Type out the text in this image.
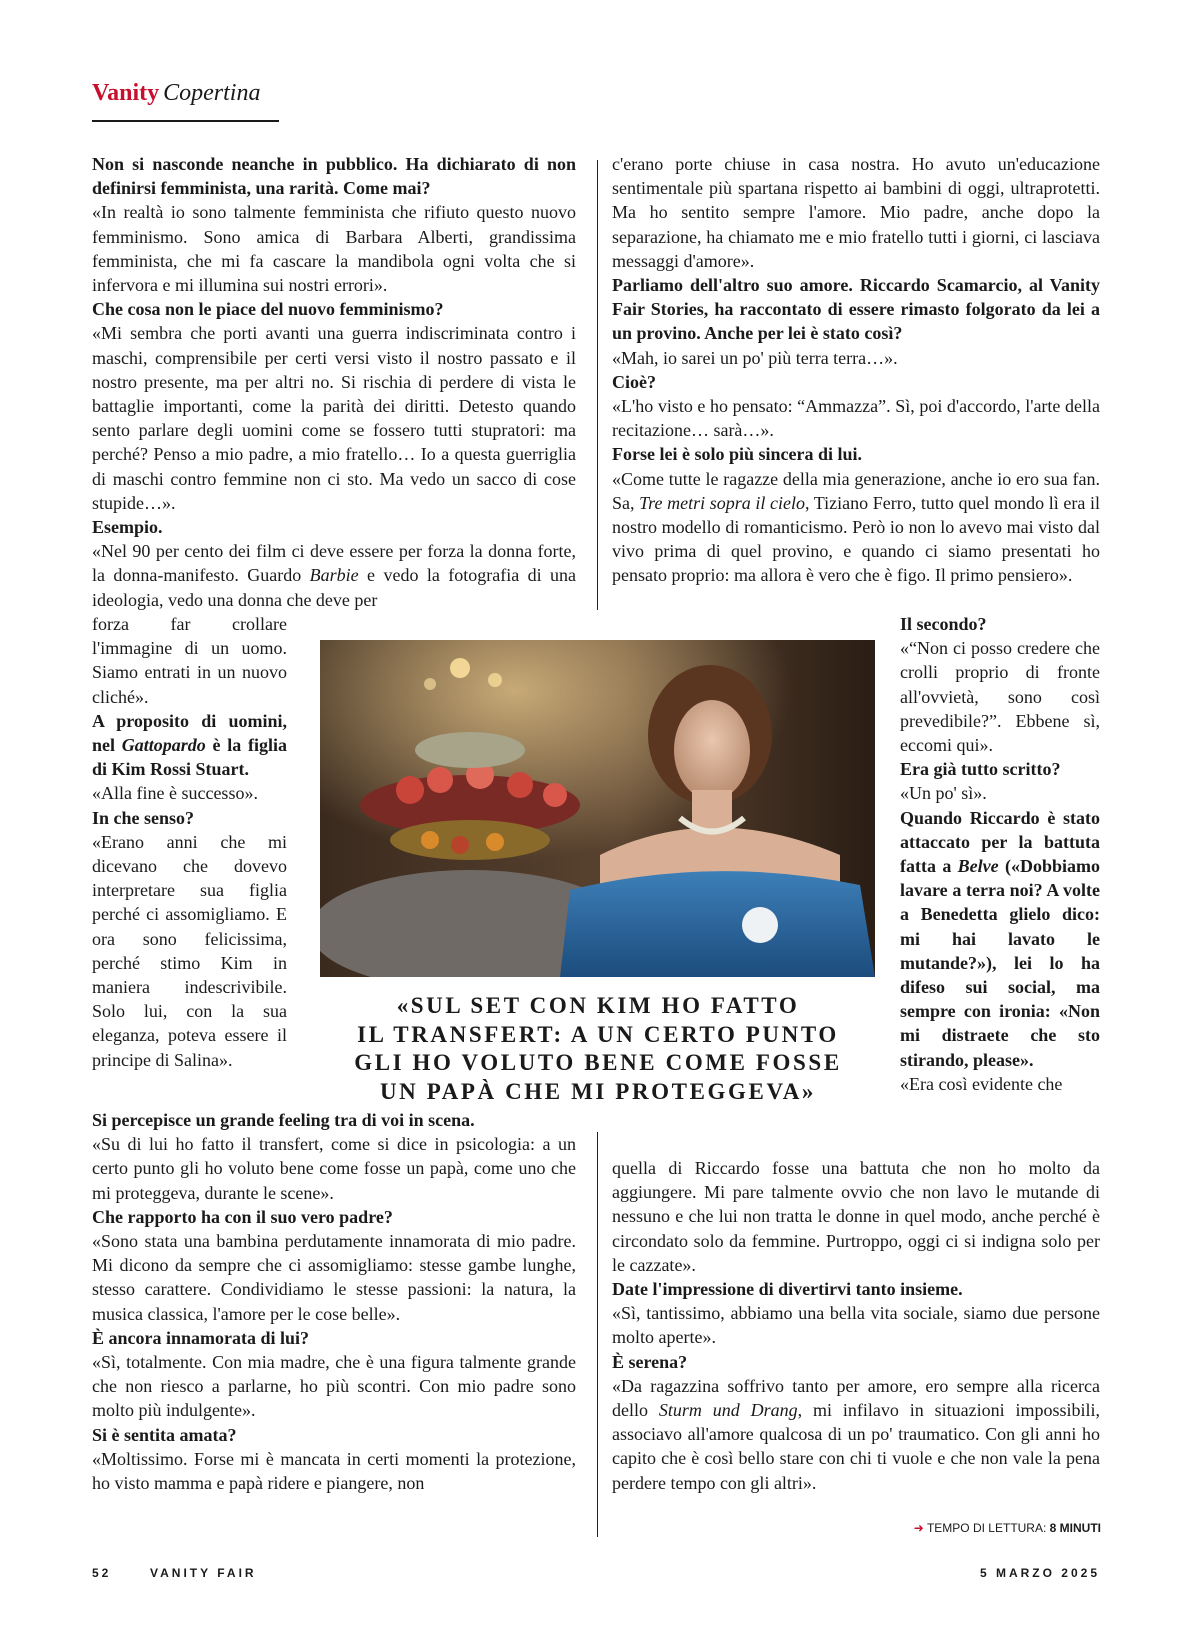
Vanity Copertina

Non si nasconde neanche in pubblico. Ha dichiarato di non definirsi femminista, una rarità. Come mai?

«In realtà io sono talmente femminista che rifiuto questo nuovo femminismo. Sono amica di Barbara Alberti, grandissima femminista, che mi fa cascare la mandibola ogni volta che si infervora e mi illumina sui nostri errori».

Che cosa non le piace del nuovo femminismo?

«Mi sembra che porti avanti una guerra indiscriminata contro i maschi, comprensibile per certi versi visto il nostro passato e il nostro presente, ma per altri no. Si rischia di perdere di vista le battaglie importanti, come la parità dei diritti. Detesto quando sento parlare degli uomini come se fossero tutti stupratori: ma perché? Penso a mio padre, a mio fratello… Io a questa guerriglia di maschi contro femmine non ci sto. Ma vedo un sacco di cose stupide…».

Esempio.

«Nel 90 per cento dei film ci deve essere per forza la donna forte, la donna-manifesto. Guardo Barbie e vedo la fotografia di una ideologia, vedo una donna che deve per

forza far crollare l'immagine di un uomo. Siamo entrati in un nuovo cliché».

A proposito di uomini, nel Gattopardo è la figlia di Kim Rossi Stuart.

«Alla fine è successo».

In che senso?

«Erano anni che mi dicevano che dovevo interpretare sua figlia perché ci assomigliamo. E ora sono felicissima, perché stimo Kim in maniera indescrivibile. Solo lui, con la sua eleganza, poteva essere il principe di Salina».

Si percepisce un grande feeling tra di voi in scena.

«Su di lui ho fatto il transfert, come si dice in psicologia: a un certo punto gli ho voluto bene come fosse un papà, come uno che mi proteggeva, durante le scene».

Che rapporto ha con il suo vero padre?

«Sono stata una bambina perdutamente innamorata di mio padre. Mi dicono da sempre che ci assomigliamo: stesse gambe lunghe, stesso carattere. Condividiamo le stesse passioni: la natura, la musica classica, l'amore per le cose belle».

È ancora innamorata di lui?

«Sì, totalmente. Con mia madre, che è una figura talmente grande che non riesco a parlarne, ho più scontri. Con mio padre sono molto più indulgente».

Si è sentita amata?

«Moltissimo. Forse mi è mancata in certi momenti la protezione, ho visto mamma e papà ridere e piangere, non

c'erano porte chiuse in casa nostra. Ho avuto un'educazione sentimentale più spartana rispetto ai bambini di oggi, ultraprotetti. Ma ho sentito sempre l'amore. Mio padre, anche dopo la separazione, ha chiamato me e mio fratello tutti i giorni, ci lasciava messaggi d'amore».

Parliamo dell'altro suo amore. Riccardo Scamarcio, al Vanity Fair Stories, ha raccontato di essere rimasto folgorato da lei a un provino. Anche per lei è stato così?

«Mah, io sarei un po' più terra terra…».

Cioè?

«L'ho visto e ho pensato: “Ammazza”. Sì, poi d'accordo, l'arte della recitazione… sarà…».

Forse lei è solo più sincera di lui.

«Come tutte le ragazze della mia generazione, anche io ero sua fan. Sa, Tre metri sopra il cielo, Tiziano Ferro, tutto quel mondo lì era il nostro modello di romanticismo. Però io non lo avevo mai visto dal vivo prima di quel provino, e quando ci siamo presentati ho pensato proprio: ma allora è vero che è figo. Il primo pensiero».

Il secondo?

«“Non ci posso credere che crolli proprio di fronte all'ovvietà, sono così prevedibile?”. Ebbene sì, eccomi qui».

Era già tutto scritto?

«Un po' sì».

Quando Riccardo è stato attaccato per la battuta fatta a Belve («Dobbiamo lavare a terra noi? A volte a Benedetta glielo dico: mi hai lavato le mutande?»), lei lo ha difeso sui social, ma sempre con ironia: «Non mi distraete che sto stirando, please».

«Era così evidente che

quella di Riccardo fosse una battuta che non ho molto da aggiungere. Mi pare talmente ovvio che non lavo le mutande di nessuno e che lui non tratta le donne in quel modo, anche perché è circondato solo da femmine. Purtroppo, oggi ci si indigna solo per le cazzate».

Date l'impressione di divertirvi tanto insieme.

«Sì, tantissimo, abbiamo una bella vita sociale, siamo due persone molto aperte».

È serena?

«Da ragazzina soffrivo tanto per amore, ero sempre alla ricerca dello Sturm und Drang, mi infilavo in situazioni impossibili, associavo all'amore qualcosa di un po' traumatico. Con gli anni ho capito che è così bello stare con chi ti vuole e che non vale la pena perdere tempo con gli altri».

«SUL SET CON KIM HO FATTO
IL TRANSFERT: A UN CERTO PUNTO
GLI HO VOLUTO BENE COME FOSSE
UN PAPÀ CHE MI PROTEGGEVA»
➜ TEMPO DI LETTURA: 8 MINUTI
52	VANITY FAIR	5 MARZO 2025
